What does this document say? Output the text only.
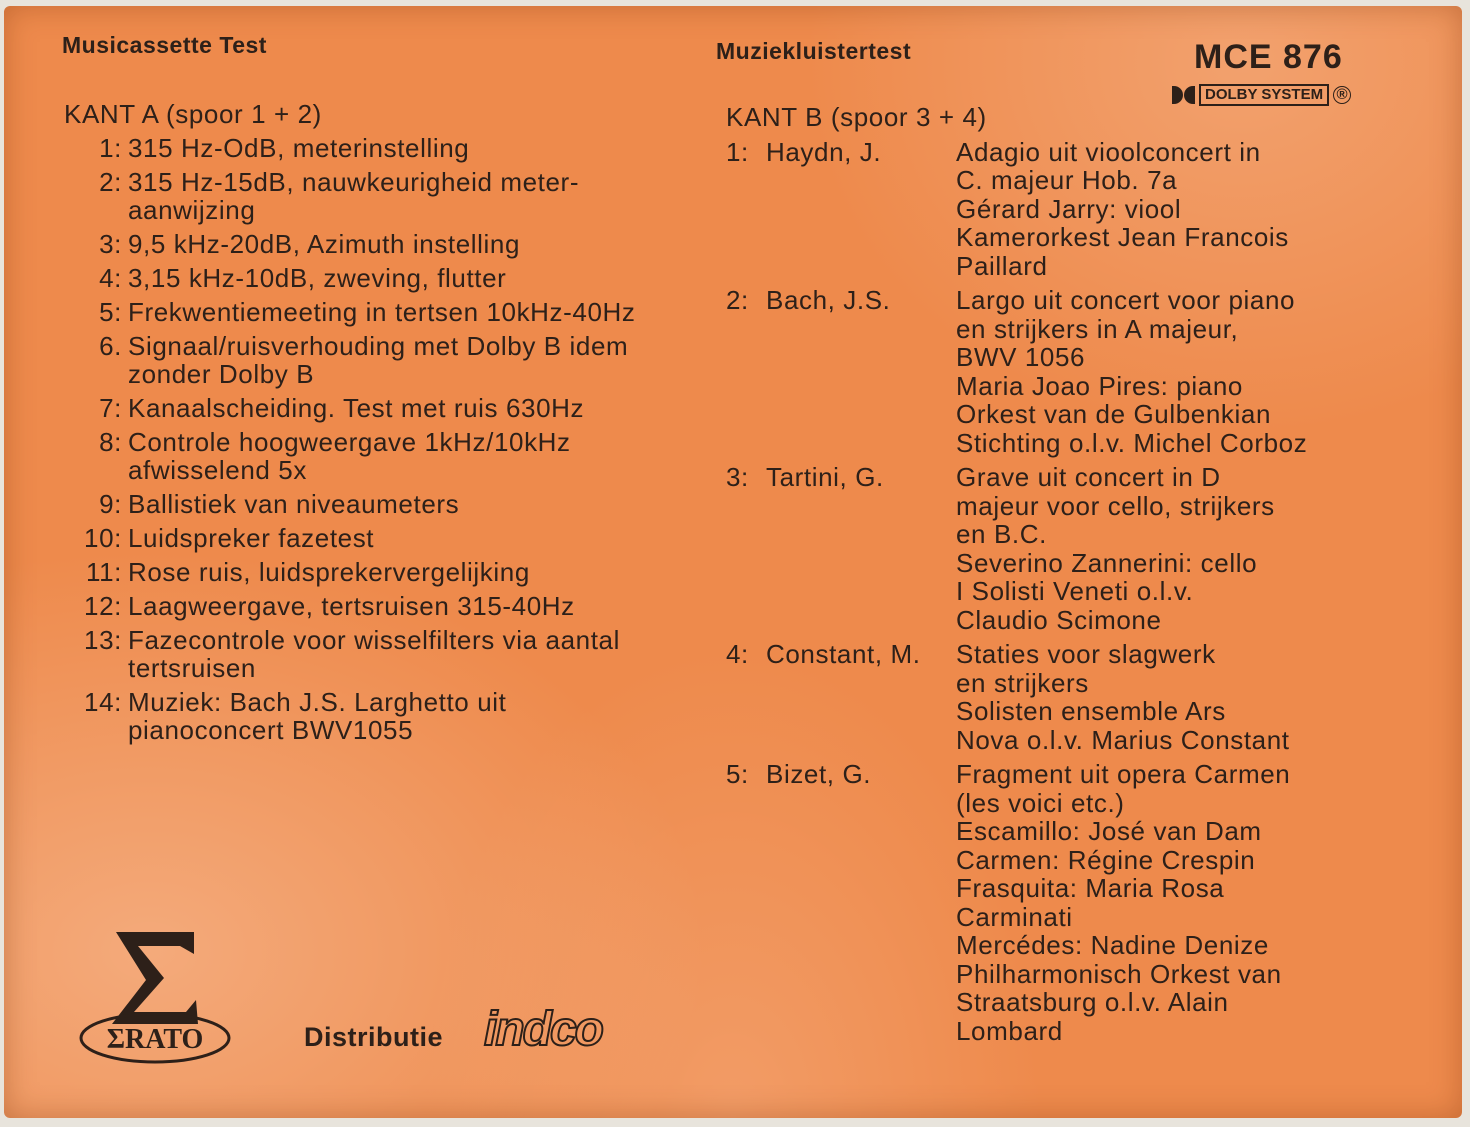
Musicassette Test	Muziekluistertest	MCE 876
DOLBY SYSTEM ®
KANT A (spoor 1 + 2)
1: 315 Hz-OdB, meterinstelling
2: 315 Hz-15dB, nauwkeurigheid meter-aanwijzing
3: 9,5 kHz-20dB, Azimuth instelling
4: 3,15 kHz-10dB, zweving, flutter
5: Frekwentiemeeting in tertsen 10kHz-40Hz
6. Signaal/ruisverhouding met Dolby B idem zonder Dolby B
7: Kanaalscheiding. Test met ruis 630Hz
8: Controle hoogweergave 1kHz/10kHz afwisselend 5x
9: Ballistiek van niveaumeters
10: Luidspreker fazetest
11: Rose ruis, luidsprekervergelijking
12: Laagweergave, tertsruisen 315-40Hz
13: Fazecontrole voor wisselfilters via aantal tertsruisen
14: Muziek: Bach J.S. Larghetto uit pianoconcert BWV1055
KANT B (spoor 3 + 4)
1: Haydn, J.	Adagio uit vioolconcert in
C. majeur Hob. 7a
Gérard Jarry: viool
Kamerorkest Jean Francois
Paillard
2: Bach, J.S.	Largo uit concert voor piano
en strijkers in A majeur,
BWV 1056
Maria Joao Pires: piano
Orkest van de Gulbenkian
Stichting o.l.v. Michel Corboz
3: Tartini, G.	Grave uit concert in D
majeur voor cello, strijkers
en B.C.
Severino Zannerini: cello
I Solisti Veneti o.l.v.
Claudio Scimone
4: Constant, M.	Staties voor slagwerk
en strijkers
Solisten ensemble Ars
Nova o.l.v. Marius Constant
5: Bizet, G.	Fragment uit opera Carmen
(les voici etc.)
Escamillo: José van Dam
Carmen: Régine Crespin
Frasquita: Maria Rosa
Carminati
Mercédes: Nadine Denize
Philharmonisch Orkest van
Straatsburg o.l.v. Alain
Lombard
ΣRATO	Distributie indco
